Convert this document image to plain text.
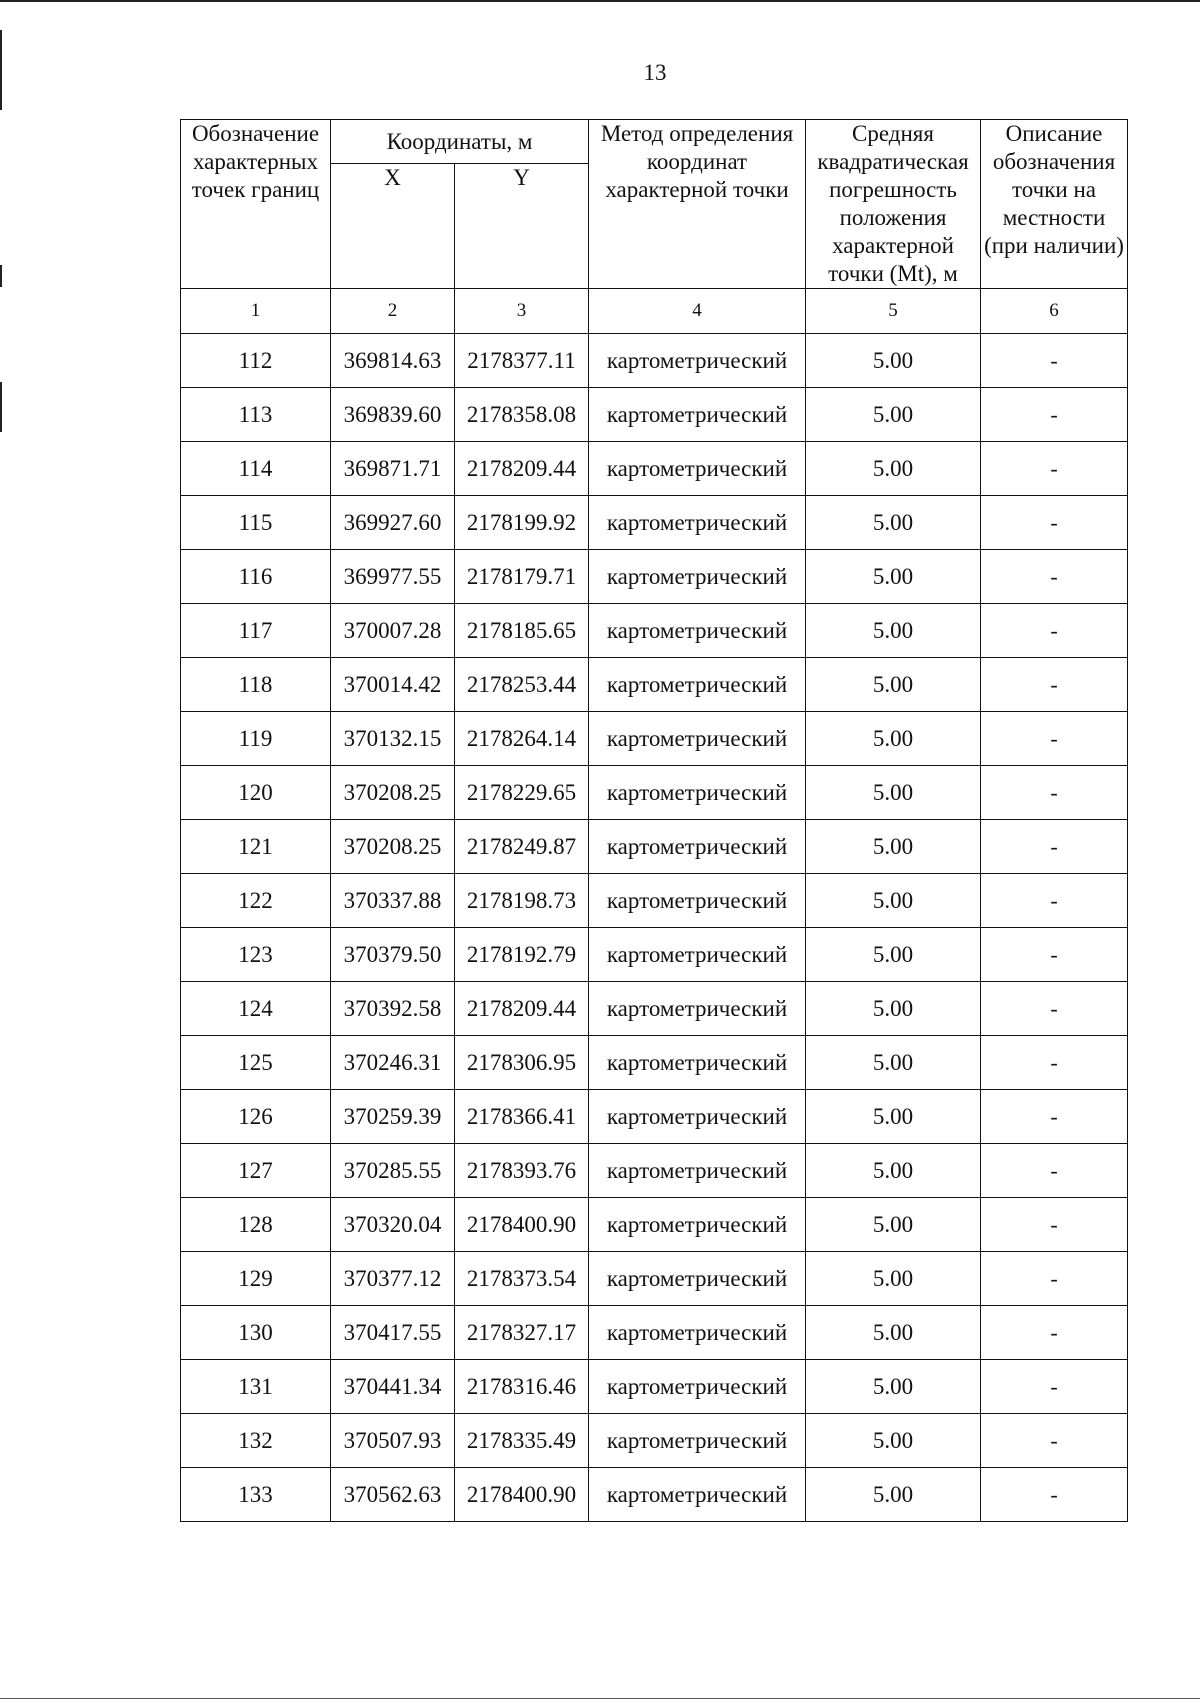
13
Обозначение характерных точек границ	Координаты, м		Метод определения координат характерной точки	Средняя квадратическая погрешность положения характерной точки (Mt), м	Описание обозначения точки на местности (при наличии)
	X	Y			
1	2	3	4	5	6
112	369814.63	2178377.11	картометрический	5.00	-
113	369839.60	2178358.08	картометрический	5.00	-
114	369871.71	2178209.44	картометрический	5.00	-
115	369927.60	2178199.92	картометрический	5.00	-
116	369977.55	2178179.71	картометрический	5.00	-
117	370007.28	2178185.65	картометрический	5.00	-
118	370014.42	2178253.44	картометрический	5.00	-
119	370132.15	2178264.14	картометрический	5.00	-
120	370208.25	2178229.65	картометрический	5.00	-
121	370208.25	2178249.87	картометрический	5.00	-
122	370337.88	2178198.73	картометрический	5.00	-
123	370379.50	2178192.79	картометрический	5.00	-
124	370392.58	2178209.44	картометрический	5.00	-
125	370246.31	2178306.95	картометрический	5.00	-
126	370259.39	2178366.41	картометрический	5.00	-
127	370285.55	2178393.76	картометрический	5.00	-
128	370320.04	2178400.90	картометрический	5.00	-
129	370377.12	2178373.54	картометрический	5.00	-
130	370417.55	2178327.17	картометрический	5.00	-
131	370441.34	2178316.46	картометрический	5.00	-
132	370507.93	2178335.49	картометрический	5.00	-
133	370562.63	2178400.90	картометрический	5.00	-
